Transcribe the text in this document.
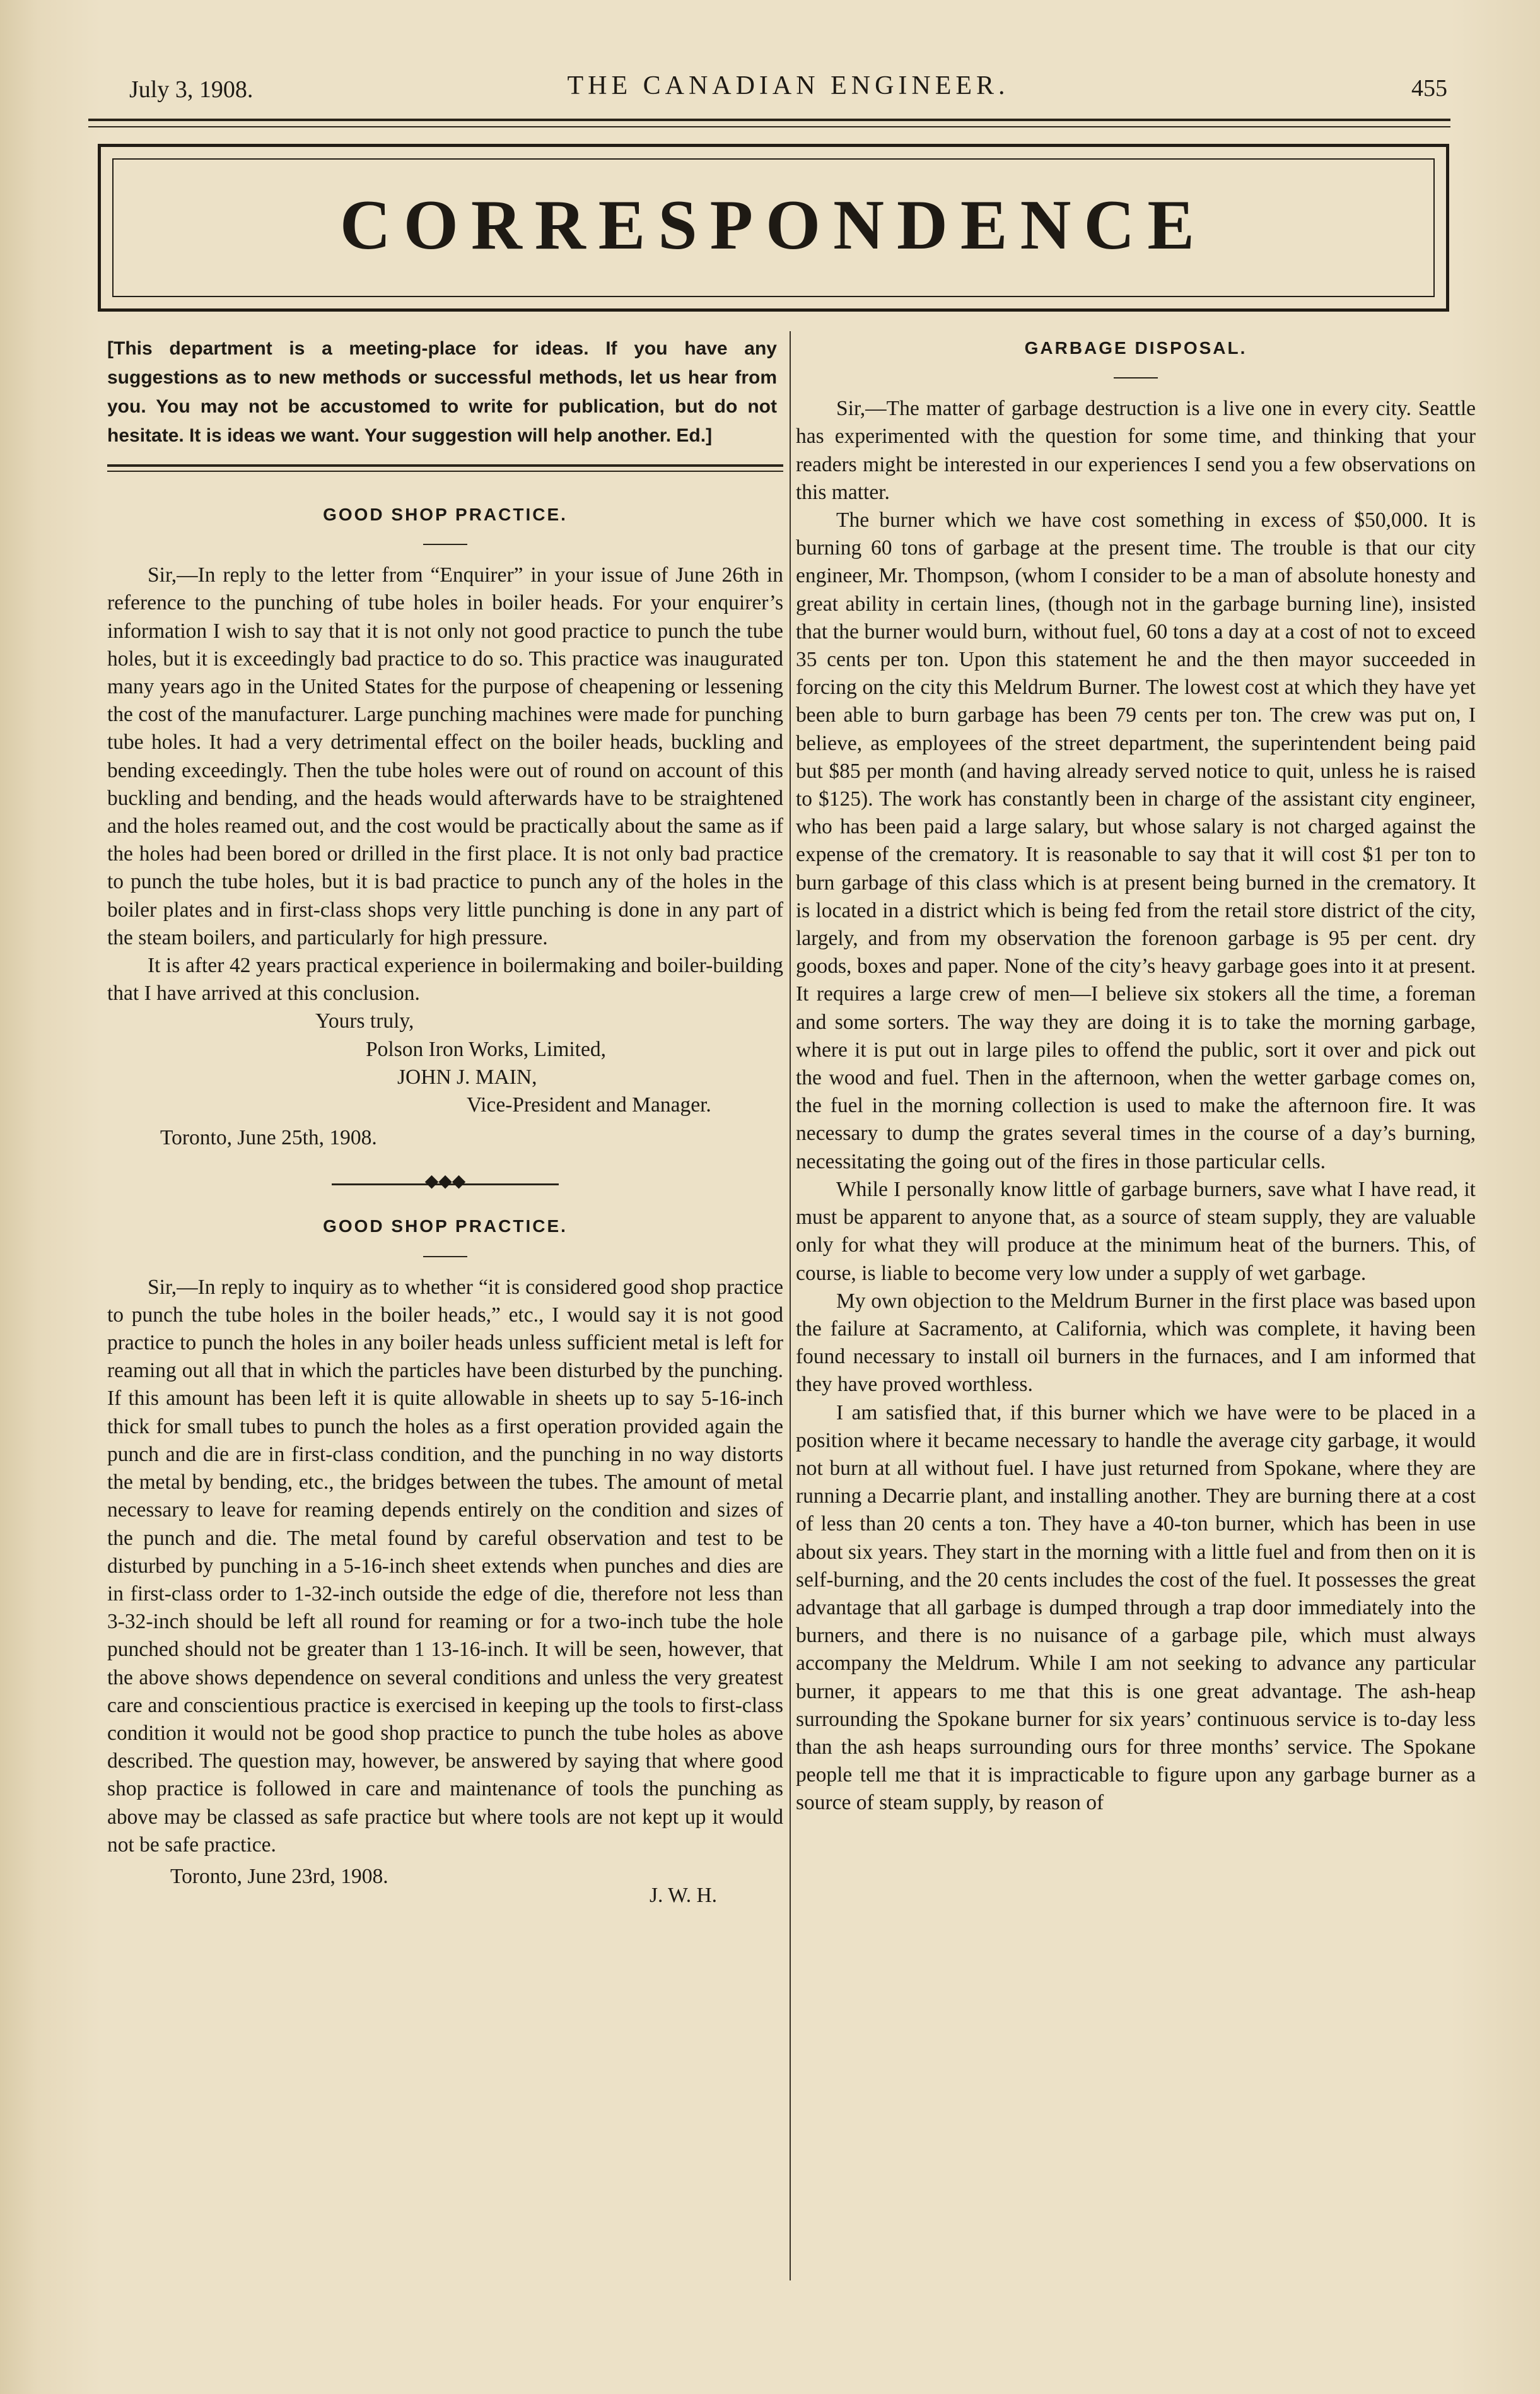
July 3, 1908.	THE CANADIAN ENGINEER.	455
CORRESPONDENCE

[This department is a meeting-place for ideas. If you have any suggestions as to new methods or successful methods, let us hear from you. You may not be accustomed to write for publication, but do not hesitate. It is ideas we want. Your suggestion will help another. Ed.]

GOOD SHOP PRACTICE.

Sir,—In reply to the letter from “Enquirer” in your issue of June 26th in reference to the punching of tube holes in boiler heads. For your enquirer’s information I wish to say that it is not only not good practice to punch the tube holes, but it is exceedingly bad practice to do so. This practice was inaugurated many years ago in the United States for the purpose of cheapening or lessening the cost of the manufacturer. Large punching machines were made for punching tube holes. It had a very detrimental effect on the boiler heads, buckling and bending exceedingly. Then the tube holes were out of round on account of this buckling and bending, and the heads would afterwards have to be straightened and the holes reamed out, and the cost would be practically about the same as if the holes had been bored or drilled in the first place. It is not only bad practice to punch the tube holes, but it is bad practice to punch any of the holes in the boiler plates and in first-class shops very little punching is done in any part of the steam boilers, and particularly for high pressure.

It is after 42 years practical experience in boilermaking and boiler-building that I have arrived at this conclusion.

Yours truly,

Polson Iron Works, Limited,

JOHN J. MAIN,

Vice-President and Manager.

Toronto, June 25th, 1908.

◆◆◆
GOOD SHOP PRACTICE.

Sir,—In reply to inquiry as to whether “it is considered good shop practice to punch the tube holes in the boiler heads,” etc., I would say it is not good practice to punch the holes in any boiler heads unless sufficient metal is left for reaming out all that in which the particles have been disturbed by the punching. If this amount has been left it is quite allowable in sheets up to say 5-16-inch thick for small tubes to punch the holes as a first operation provided again the punch and die are in first-class condition, and the punching in no way distorts the metal by bending, etc., the bridges between the tubes. The amount of metal necessary to leave for reaming depends entirely on the condition and sizes of the punch and die. The metal found by careful observation and test to be disturbed by punching in a 5-16-inch sheet extends when punches and dies are in first-class order to 1-32-inch outside the edge of die, therefore not less than 3-32-inch should be left all round for reaming or for a two-inch tube the hole punched should not be greater than 1 13-16-inch. It will be seen, however, that the above shows dependence on several conditions and unless the very greatest care and conscientious practice is exercised in keeping up the tools to first-class condition it would not be good shop practice to punch the tube holes as above described. The question may, however, be answered by saying that where good shop practice is followed in care and maintenance of tools the punching as above may be classed as safe practice but where tools are not kept up it would not be safe practice.

Toronto, June 23rd, 1908.
J. W. H.
GARBAGE DISPOSAL.

Sir,—The matter of garbage destruction is a live one in every city. Seattle has experimented with the question for some time, and thinking that your readers might be interested in our experiences I send you a few observations on this matter.

The burner which we have cost something in excess of $50,000. It is burning 60 tons of garbage at the present time. The trouble is that our city engineer, Mr. Thompson, (whom I consider to be a man of absolute honesty and great ability in certain lines, (though not in the garbage burning line), insisted that the burner would burn, without fuel, 60 tons a day at a cost of not to exceed 35 cents per ton. Upon this statement he and the then mayor succeeded in forcing on the city this Meldrum Burner. The lowest cost at which they have yet been able to burn garbage has been 79 cents per ton. The crew was put on, I believe, as employees of the street department, the superintendent being paid but $85 per month (and having already served notice to quit, unless he is raised to $125). The work has constantly been in charge of the assistant city engineer, who has been paid a large salary, but whose salary is not charged against the expense of the crematory. It is reasonable to say that it will cost $1 per ton to burn garbage of this class which is at present being burned in the crematory. It is located in a district which is being fed from the retail store district of the city, largely, and from my observation the forenoon garbage is 95 per cent. dry goods, boxes and paper. None of the city’s heavy garbage goes into it at present. It requires a large crew of men—I believe six stokers all the time, a foreman and some sorters. The way they are doing it is to take the morning garbage, where it is put out in large piles to offend the public, sort it over and pick out the wood and fuel. Then in the afternoon, when the wetter garbage comes on, the fuel in the morning collection is used to make the afternoon fire. It was necessary to dump the grates several times in the course of a day’s burning, necessitating the going out of the fires in those particular cells.

While I personally know little of garbage burners, save what I have read, it must be apparent to anyone that, as a source of steam supply, they are valuable only for what they will produce at the minimum heat of the burners. This, of course, is liable to become very low under a supply of wet garbage.

My own objection to the Meldrum Burner in the first place was based upon the failure at Sacramento, at California, which was complete, it having been found necessary to install oil burners in the furnaces, and I am informed that they have proved worthless.

I am satisfied that, if this burner which we have were to be placed in a position where it became necessary to handle the average city garbage, it would not burn at all without fuel. I have just returned from Spokane, where they are running a Decarrie plant, and installing another. They are burning there at a cost of less than 20 cents a ton. They have a 40-ton burner, which has been in use about six years. They start in the morning with a little fuel and from then on it is self-burning, and the 20 cents includes the cost of the fuel. It possesses the great advantage that all garbage is dumped through a trap door immediately into the burners, and there is no nuisance of a garbage pile, which must always accompany the Meldrum. While I am not seeking to advance any particular burner, it appears to me that this is one great advantage. The ash-heap surrounding the Spokane burner for six years’ continuous service is to-day less than the ash heaps surrounding ours for three months’ service. The Spokane people tell me that it is impracticable to figure upon any garbage burner as a source of steam supply, by reason of
